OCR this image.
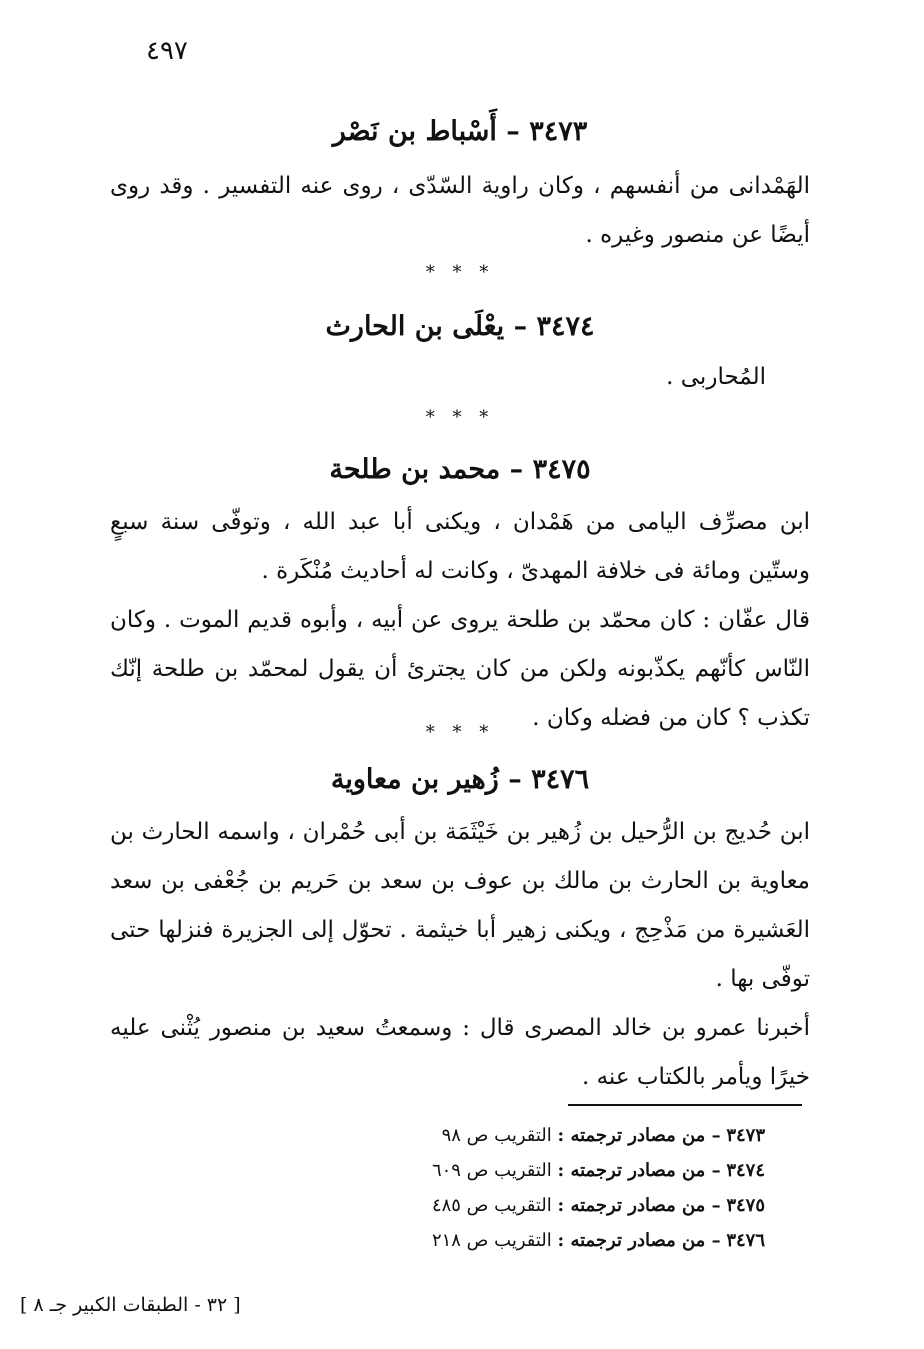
٤٩٧
٣٤٧٣ – أَسْباط بن نَصْر

الهَمْدانى من أنفسهم ، وكان راوية السّدّى ، روى عنه التفسير . وقد روى أيضًا عن منصور وغيره .

* * *

٣٤٧٤ – يعْلَى بن الحارث

المُحاربى .

* * *

٣٤٧٥ – محمد بن طلحة

ابن مصرِّف اليامى من هَمْدان ، ويكنى أبا عبد الله ، وتوفّى سنة سبعٍ وستّين ومائة فى خلافة المهدىّ ، وكانت له أحاديث مُنْكَرة .

قال عفّان : كان محمّد بن طلحة يروى عن أبيه ، وأبوه قديم الموت . وكان النّاس كأنّهم يكذّبونه ولكن من كان يجترئ أن يقول لمحمّد بن طلحة إنّك تكذب ؟ كان من فضله وكان .

* * *

٣٤٧٦ – زُهير بن معاوية

ابن حُديج بن الرُّحيل بن زُهير بن خَيْثَمَة بن أبى حُمْران ، واسمه الحارث بن معاوية بن الحارث بن مالك بن عوف بن سعد بن حَريم بن جُعْفى بن سعد العَشيرة من مَذْحِج ، ويكنى زهير أبا خيثمة . تحوّل إلى الجزيرة فنزلها حتى توفّى بها .

أخبرنا عمرو بن خالد المصرى قال : وسمعتُ سعيد بن منصور يُثْنى عليه خيرًا ويأمر بالكتاب عنه .

٣٤٧٣ – من مصادر ترجمته : التقريب ص ٩٨
٣٤٧٤ – من مصادر ترجمته : التقريب ص ٦٠٩
٣٤٧٥ – من مصادر ترجمته : التقريب ص ٤٨٥
٣٤٧٦ – من مصادر ترجمته : التقريب ص ٢١٨
[ ٣٢ - الطبقات الكبير جـ ٨ ]
